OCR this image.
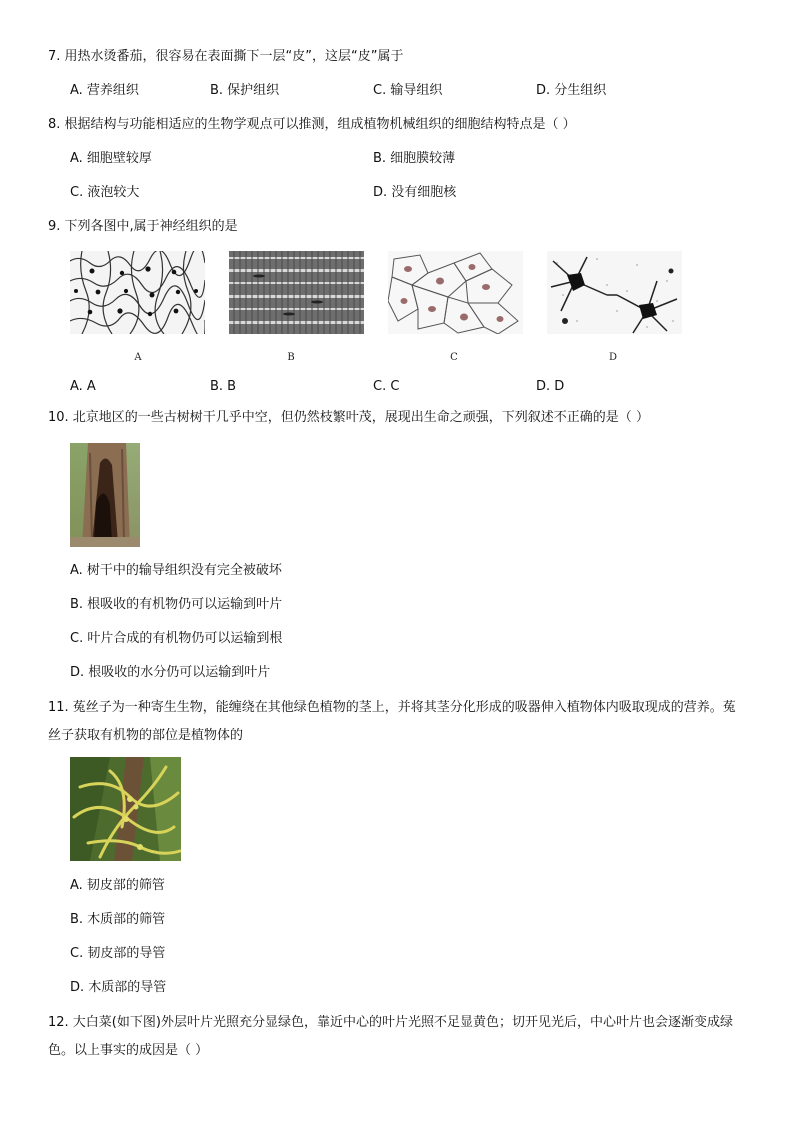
7. 用热水烫番茄，很容易在表面撕下一层“皮”，这层“皮”属于
A. 营养组织	B. 保护组织	C. 输导组织	D. 分生组织
8. 根据结构与功能相适应的生物学观点可以推测，组成植物机械组织的细胞结构特点是（ ）
A. 细胞壁较厚	B. 细胞膜较薄
C. 液泡较大	D. 没有细胞核
9. 下列各图中,属于神经组织的是
A	B	C	D
A. A	B. B	C. C	D. D
10. 北京地区的一些古树树干几乎中空，但仍然枝繁叶茂，展现出生命之顽强，下列叙述不正确的是（ ）
A. 树干中的输导组织没有完全被破坏
B. 根吸收的有机物仍可以运输到叶片
C. 叶片合成的有机物仍可以运输到根
D. 根吸收的水分仍可以运输到叶片
11. 菟丝子为一种寄生生物，能缠绕在其他绿色植物的茎上，并将其茎分化形成的吸器伸入植物体内吸取现成的营养。菟丝子获取有机物的部位是植物体的
A. 韧皮部的筛管
B. 木质部的筛管
C. 韧皮部的导管
D. 木质部的导管
12. 大白菜(如下图)外层叶片光照充分显绿色，靠近中心的叶片光照不足显黄色；切开见光后，中心叶片也会逐渐变成绿色。以上事实的成因是（ ）
